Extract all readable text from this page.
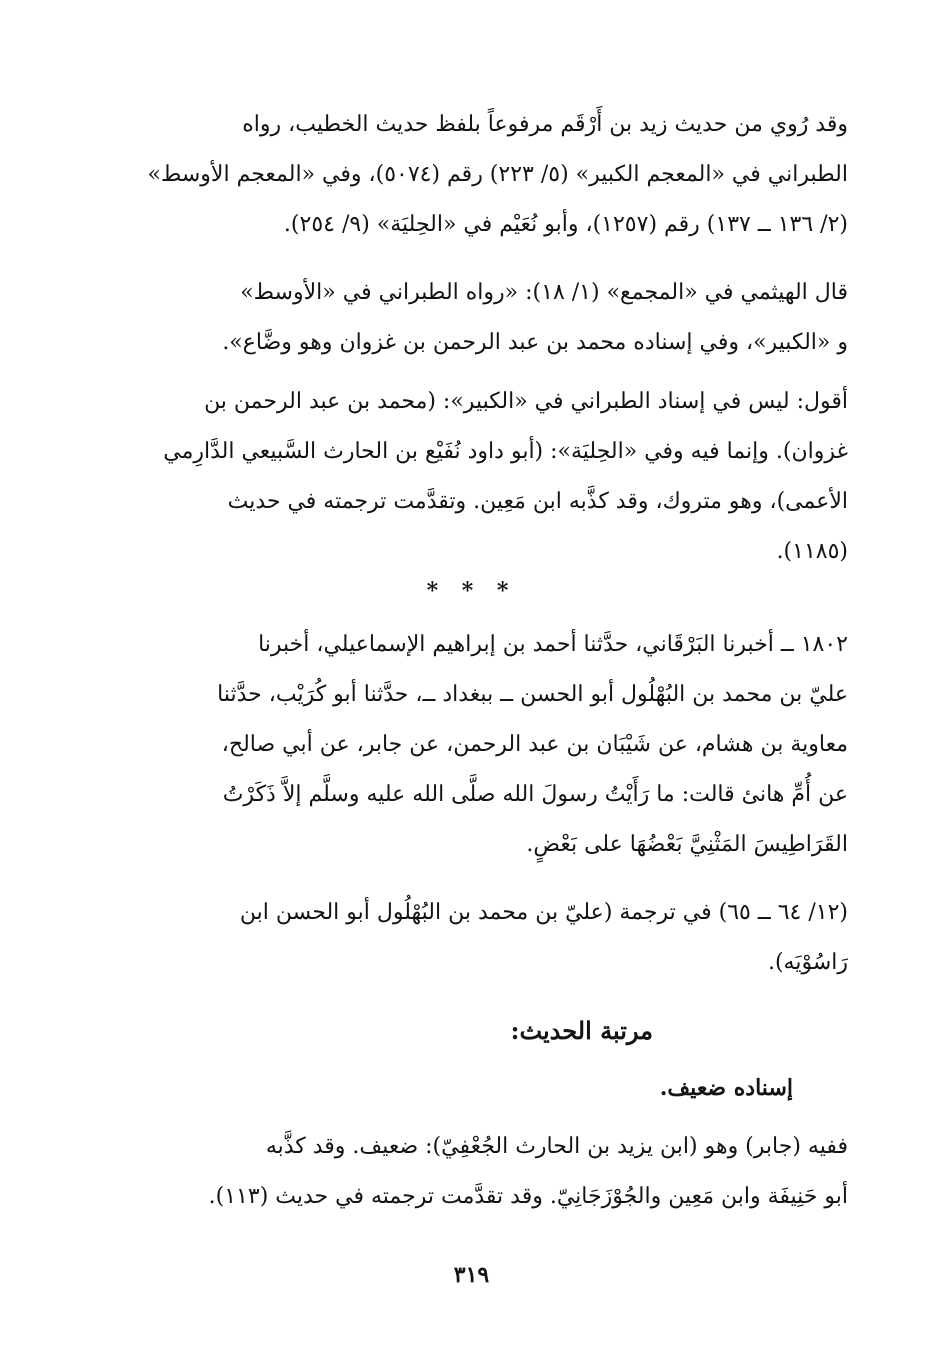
وقد رُوي من حديث زيد بن أَرْقَم مرفوعاً بلفظ حديث الخطيب، رواه
الطبراني في «المعجم الكبير» (٥/ ٢٢٣) رقم (٥٠٧٤)، وفي «المعجم الأوسط»
(٢/ ١٣٦ ــ ١٣٧) رقم (١٢٥٧)، وأبو نُعَيْم في «الحِليَة» (٩/ ٢٥٤).
قال الهيثمي في «المجمع» (١/ ١٨): «رواه الطبراني في «الأوسط»
و «الكبير»، وفي إسناده محمد بن عبد الرحمن بن غزوان وهو وضَّاع».
أقول: ليس في إسناد الطبراني في «الكبير»: (محمد بن عبد الرحمن بن
غزوان). وإنما فيه وفي «الحِليَة»: (أبو داود نُفَيْع بن الحارث السَّبيعي الدَّارِمي
الأعمى)، وهو متروك، وقد كذَّبه ابن مَعِين. وتقدَّمت ترجمته في حديث
(١١٨٥).
* * *
١٨٠٢ ــ أخبرنا البَرْقَاني، حدَّثنا أحمد بن إبراهيم الإسماعيلي، أخبرنا
عليّ بن محمد بن البُهْلُول أبو الحسن ــ ببغداد ــ، حدَّثنا أبو كُرَيْب، حدَّثنا
معاوية بن هشام، عن شَيْبَان بن عبد الرحمن، عن جابر، عن أبي صالح،
عن أُمِّ هانئ قالت: ما رَأَيْتُ رسولَ الله صلَّى الله عليه وسلَّم إلاَّ ذَكَرْتُ
القَرَاطِيسَ المَثْنِيَّ بَعْضُهَا على بَعْضٍ.
(١٢/ ٦٤ ــ ٦٥) في ترجمة (عليّ بن محمد بن البُهْلُول أبو الحسن ابن
رَاسُوْيَه).
مرتبة الحديث:
إسناده ضعيف.
ففيه (جابر) وهو (ابن يزيد بن الحارث الجُعْفِيّ): ضعيف. وقد كذَّبه
أبو حَنِيفَة وابن مَعِين والجُوْزَجَانِيّ. وقد تقدَّمت ترجمته في حديث (١١٣).
٣١٩
